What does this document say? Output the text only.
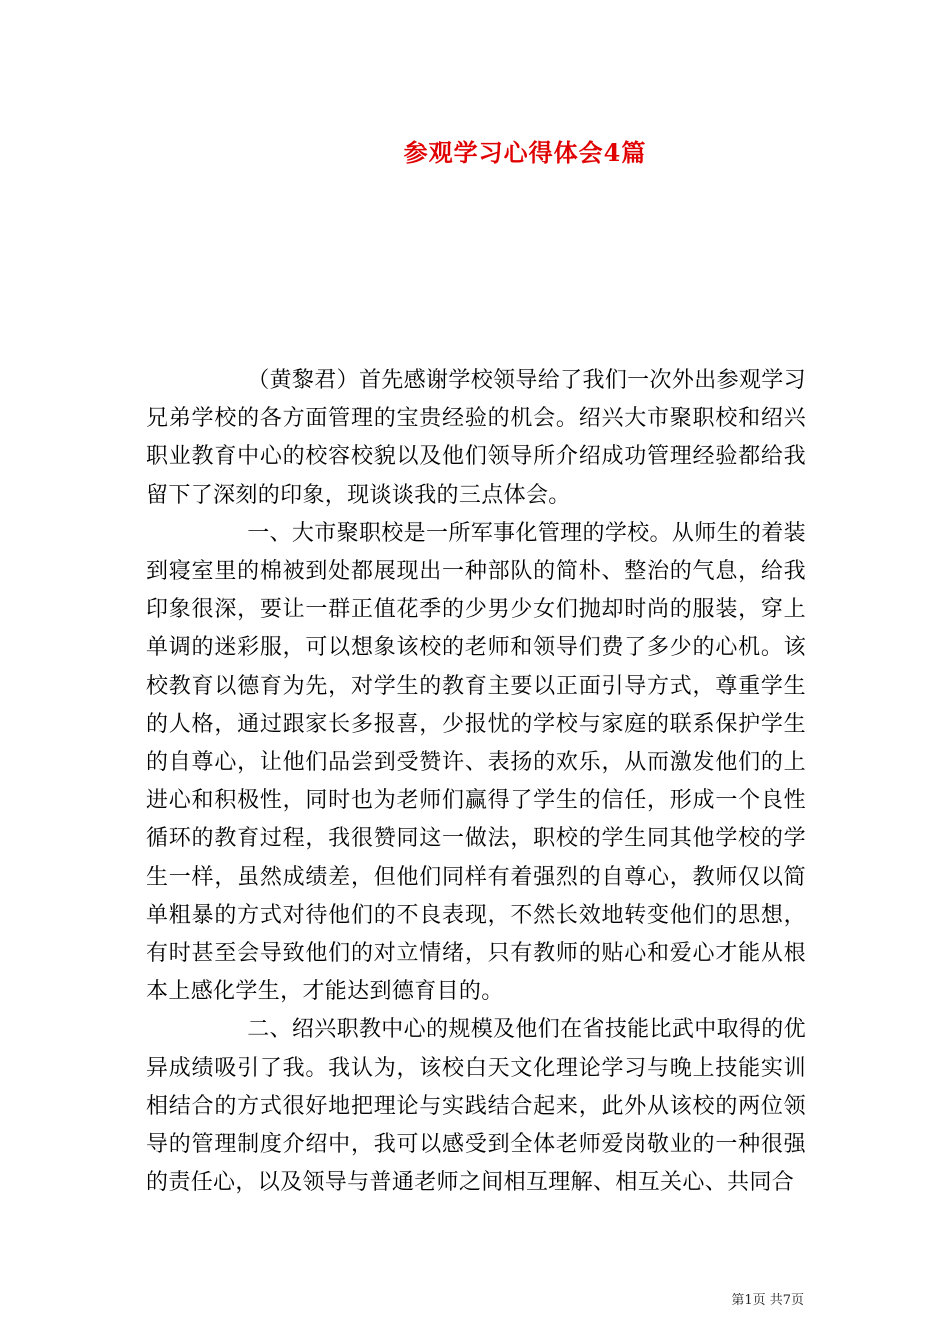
参观学习心得体会4篇

（黄黎君）首先感谢学校领导给了我们一次外出参观学习兄弟学校的各方面管理的宝贵经验的机会。绍兴大市聚职校和绍兴职业教育中心的校容校貌以及他们领导所介绍成功管理经验都给我留下了深刻的印象，现谈谈我的三点体会。

一、大市聚职校是一所军事化管理的学校。从师生的着装到寝室里的棉被到处都展现出一种部队的简朴、整治的气息，给我印象很深，要让一群正值花季的少男少女们抛却时尚的服装，穿上单调的迷彩服，可以想象该校的老师和领导们费了多少的心机。该校教育以德育为先，对学生的教育主要以正面引导方式，尊重学生的人格，通过跟家长多报喜，少报忧的学校与家庭的联系保护学生的自尊心，让他们品尝到受赞许、表扬的欢乐，从而激发他们的上进心和积极性，同时也为老师们赢得了学生的信任，形成一个良性循环的教育过程，我很赞同这一做法，职校的学生同其他学校的学生一样，虽然成绩差，但他们同样有着强烈的自尊心，教师仅以简单粗暴的方式对待他们的不良表现，不然长效地转变他们的思想，有时甚至会导致他们的对立情绪，只有教师的贴心和爱心才能从根本上感化学生，才能达到德育目的。

二、绍兴职教中心的规模及他们在省技能比武中取得的优异成绩吸引了我。我认为，该校白天文化理论学习与晚上技能实训相结合的方式很好地把理论与实践结合起来，此外从该校的两位领导的管理制度介绍中，我可以感受到全体老师爱岗敬业的一种很强的责任心，以及领导与普通老师之间相互理解、相互关心、共同合

第1页 共7页
